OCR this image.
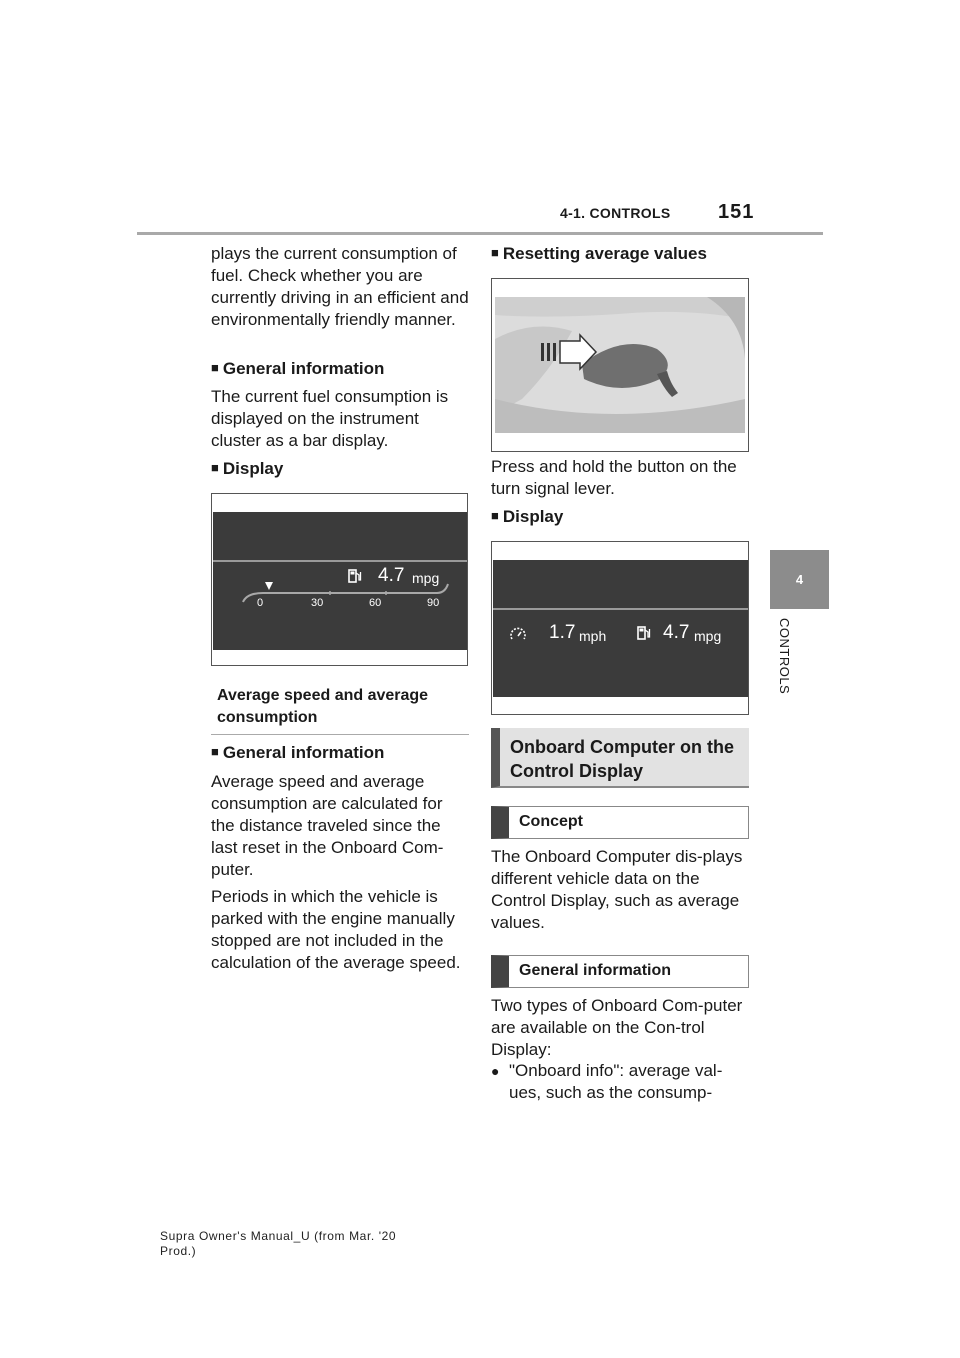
4-1. CONTROLS 151
4
CONTROLS
plays the current consumption of fuel. Check whether you are currently driving in an efficient and environmentally friendly manner.
■ General information
The current fuel consumption is displayed on the instrument cluster as a bar display.
■ Display
4.7 mpg
0	30	60	90
Average speed and average consumption
■ General information
Average speed and average consumption are calculated for the distance traveled since the last reset in the Onboard Com-puter.
Periods in which the vehicle is parked with the engine manually stopped are not included in the calculation of the average speed.
■ Resetting average values
Press and hold the button on the turn signal lever.
■ Display
1.7 mph	4.7 mpg
Onboard Computer on the Control Display
Concept
The Onboard Computer dis-plays different vehicle data on the Control Display, such as average values.
General information
Two types of Onboard Com-puter are available on the Con-trol Display:
● "Onboard info": average val-ues, such as the consump-
Supra Owner's Manual_U (from Mar. '20
Prod.)
